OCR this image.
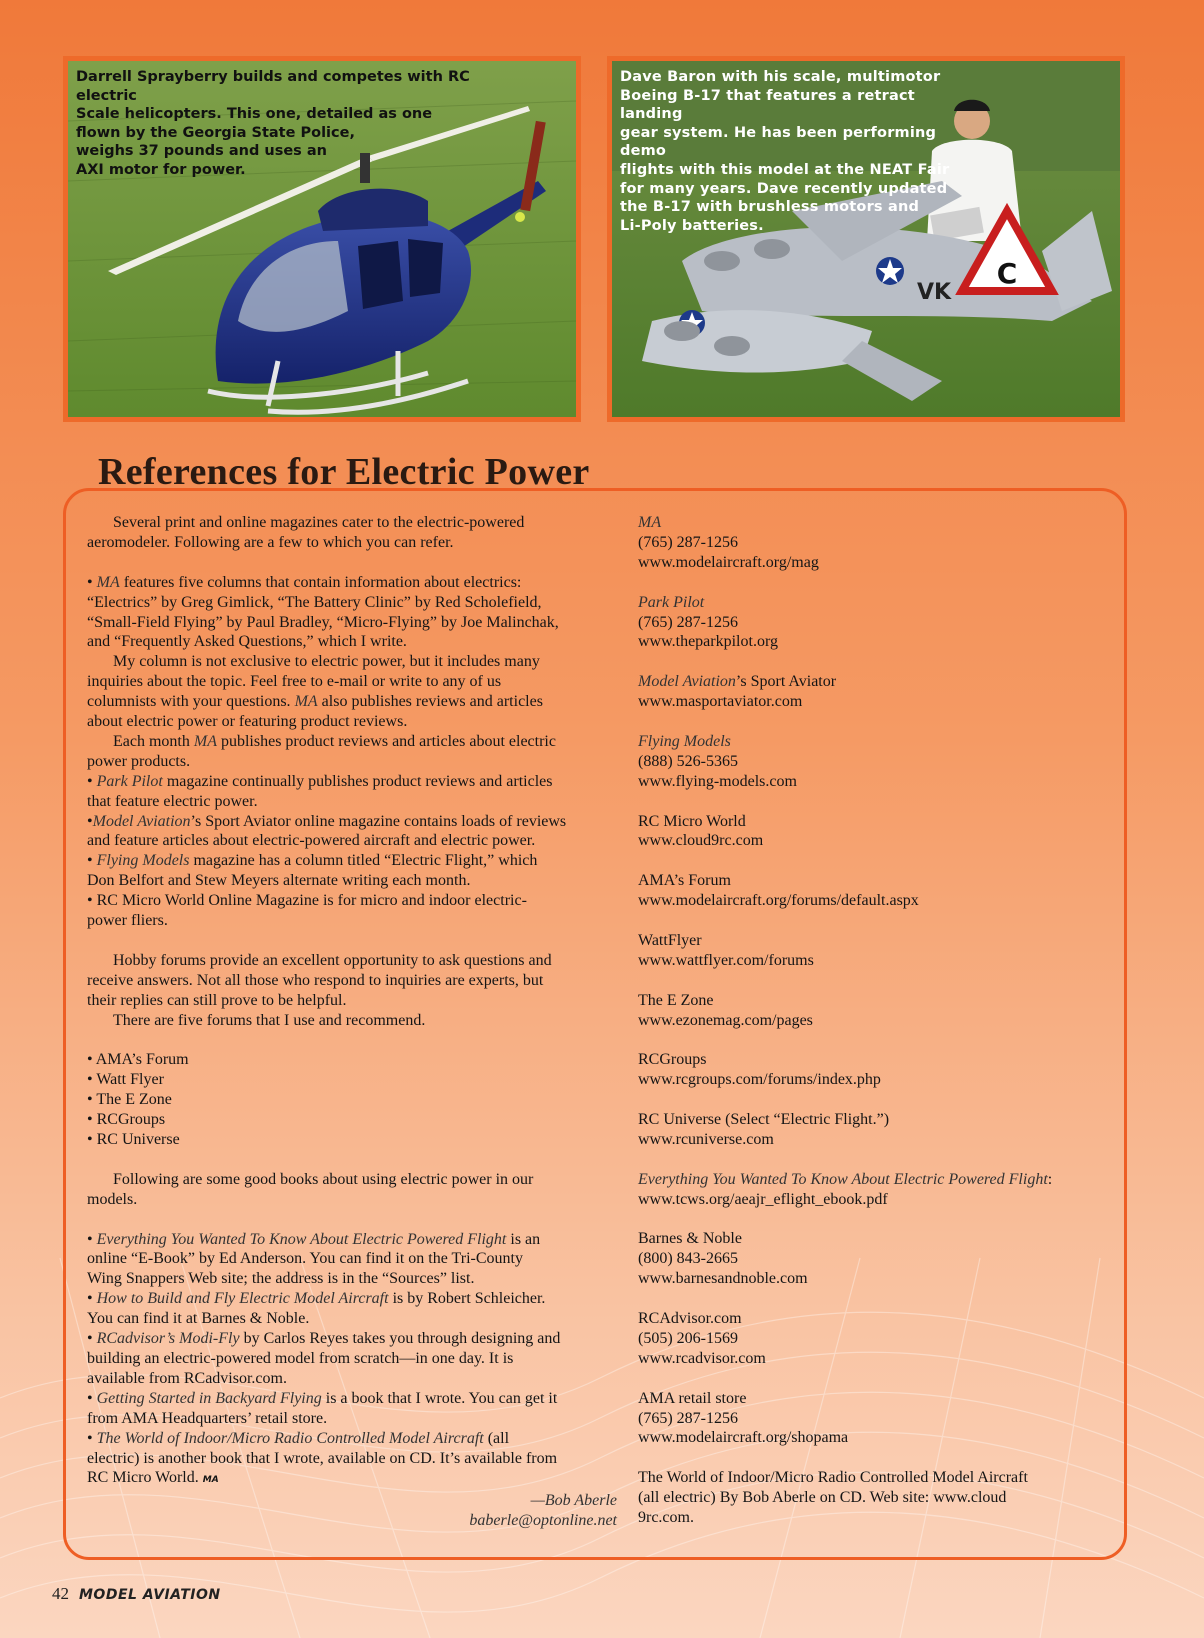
Darrell Sprayberry builds and competes with RC electric
Scale helicopters. This one, detailed as one
flown by the Georgia State Police,
weighs 37 pounds and uses an
AXI motor for power.
C
VK
Dave Baron with his scale, multimotor
Boeing B-17 that features a retract landing
gear system. He has been performing demo
flights with this model at the NEAT Fair
for many years. Dave recently updated
the B-17 with brushless motors and
Li-Poly batteries.
References for Electric Power

Several print and online magazines cater to the electric-powered

aeromodeler. Following are a few to which you can refer.

• MA features five columns that contain information about electrics:

“Electrics” by Greg Gimlick, “The Battery Clinic” by Red Scholefield,

“Small-Field Flying” by Paul Bradley, “Micro-Flying” by Joe Malinchak,

and “Frequently Asked Questions,” which I write.

My column is not exclusive to electric power, but it includes many

inquiries about the topic. Feel free to e-mail or write to any of us

columnists with your questions. MA also publishes reviews and articles

about electric power or featuring product reviews.

Each month MA publishes product reviews and articles about electric

power products.

• Park Pilot magazine continually publishes product reviews and articles

that feature electric power.

•Model Aviation’s Sport Aviator online magazine contains loads of reviews

and feature articles about electric-powered aircraft and electric power.

• Flying Models magazine has a column titled “Electric Flight,” which

Don Belfort and Stew Meyers alternate writing each month.

• RC Micro World Online Magazine is for micro and indoor electric-

power fliers.

Hobby forums provide an excellent opportunity to ask questions and

receive answers. Not all those who respond to inquiries are experts, but

their replies can still prove to be helpful.

There are five forums that I use and recommend.

• AMA’s Forum

• Watt Flyer

• The E Zone

• RCGroups

• RC Universe

Following are some good books about using electric power in our

models.

• Everything You Wanted To Know About Electric Powered Flight is an

online “E-Book” by Ed Anderson. You can find it on the Tri-County

Wing Snappers Web site; the address is in the “Sources” list.

• How to Build and Fly Electric Model Aircraft is by Robert Schleicher.

You can find it at Barnes & Noble.

• RCadvisor’s Modi-Fly by Carlos Reyes takes you through designing and

building an electric-powered model from scratch—in one day. It is

available from RCadvisor.com.

• Getting Started in Backyard Flying is a book that I wrote. You can get it

from AMA Headquarters’ retail store.

• The World of Indoor/Micro Radio Controlled Model Aircraft (all

electric) is another book that I wrote, available on CD. It’s available from

RC Micro World. MA

—Bob Aberle

baberle@optonline.net

MA

(765) 287-1256

www.modelaircraft.org/mag

Park Pilot

(765) 287-1256

www.theparkpilot.org

Model Aviation’s Sport Aviator

www.masportaviator.com

Flying Models

(888) 526-5365

www.flying-models.com

RC Micro World

www.cloud9rc.com

AMA’s Forum

www.modelaircraft.org/forums/default.aspx

WattFlyer

www.wattflyer.com/forums

The E Zone

www.ezonemag.com/pages

RCGroups

www.rcgroups.com/forums/index.php

RC Universe (Select “Electric Flight.”)

www.rcuniverse.com

Everything You Wanted To Know About Electric Powered Flight:

www.tcws.org/aeajr_eflight_ebook.pdf

Barnes & Noble

(800) 843-2665

www.barnesandnoble.com

RCAdvisor.com

(505) 206-1569

www.rcadvisor.com

AMA retail store

(765) 287-1256

www.modelaircraft.org/shopama

The World of Indoor/Micro Radio Controlled Model Aircraft

(all electric) By Bob Aberle on CD. Web site: www.cloud

9rc.com.

42 MODEL AVIATION
